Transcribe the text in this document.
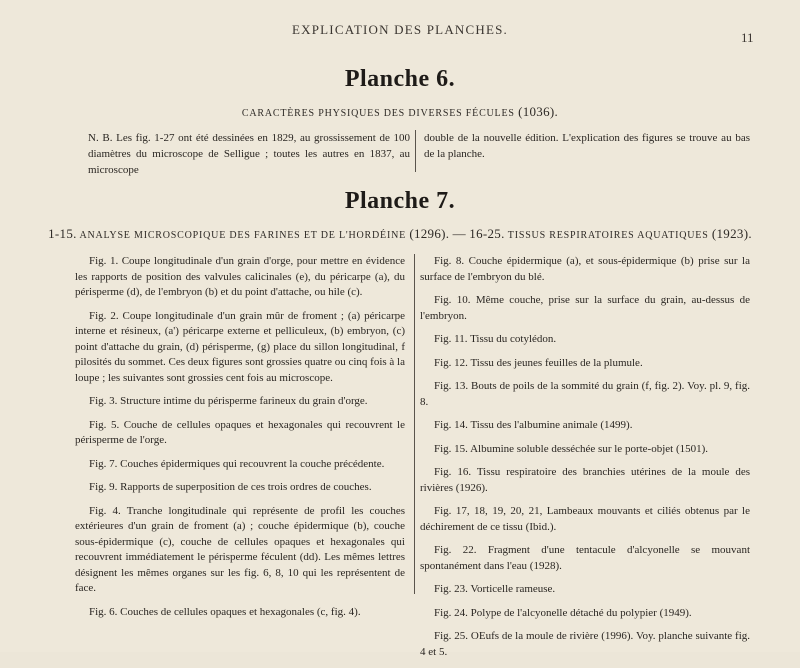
EXPLICATION DES PLANCHES.
11
Planche 6.
CARACTÈRES PHYSIQUES DES DIVERSES FÉCULES (1036).
N. B. Les fig. 1-27 ont été dessinées en 1829, au grossissement de 100 diamètres du microscope de Selligue ; toutes les autres en 1837, au microscope
double de la nouvelle édition. L'explication des figures se trouve au bas de la planche.
Planche 7.
1-15. ANALYSE MICROSCOPIQUE DES FARINES ET DE L'HORDÉINE (1296). — 16-25. TISSUS RESPIRATOIRES AQUATIQUES (1923).

Fig. 1. Coupe longitudinale d'un grain d'orge, pour mettre en évidence les rapports de position des valvules calicinales (e), du péricarpe (a), du périsperme (d), de l'embryon (b) et du point d'attache, ou hile (c).

Fig. 2. Coupe longitudinale d'un grain mûr de froment ; (a) péricarpe interne et résineux, (a') péricarpe externe et pelliculeux, (b) embryon, (c) point d'attache du grain, (d) périsperme, (g) place du sillon longitudinal, f pilosités du sommet. Ces deux figures sont grossies quatre ou cinq fois à la loupe ; les suivantes sont grossies cent fois au microscope.

Fig. 3. Structure intime du périsperme farineux du grain d'orge.

Fig. 5. Couche de cellules opaques et hexagonales qui recouvrent le périsperme de l'orge.

Fig. 7. Couches épidermiques qui recouvrent la couche précédente.

Fig. 9. Rapports de superposition de ces trois ordres de couches.

Fig. 4. Tranche longitudinale qui représente de profil les couches extérieures d'un grain de froment (a) ; couche épidermique (b), couche sous-épidermique (c), couche de cellules opaques et hexagonales qui recouvrent immédiatement le périsperme féculent (dd). Les mêmes lettres désignent les mêmes organes sur les fig. 6, 8, 10 qui les représentent de face.

Fig. 6. Couches de cellules opaques et hexagonales (c, fig. 4).

Fig. 8. Couche épidermique (a), et sous-épidermique (b) prise sur la surface de l'embryon du blé.

Fig. 10. Même couche, prise sur la surface du grain, au-dessus de l'embryon.

Fig. 11. Tissu du cotylédon.

Fig. 12. Tissu des jeunes feuilles de la plumule.

Fig. 13. Bouts de poils de la sommité du grain (f, fig. 2). Voy. pl. 9, fig. 8.

Fig. 14. Tissu des l'albumine animale (1499).

Fig. 15. Albumine soluble desséchée sur le porte-objet (1501).

Fig. 16. Tissu respiratoire des branchies utérines de la moule des rivières (1926).

Fig. 17, 18, 19, 20, 21, Lambeaux mouvants et ciliés obtenus par le déchirement de ce tissu (Ibid.).

Fig. 22. Fragment d'une tentacule d'alcyonelle se mouvant spontanément dans l'eau (1928).

Fig. 23. Vorticelle rameuse.

Fig. 24. Polype de l'alcyonelle détaché du polypier (1949).

Fig. 25. OEufs de la moule de rivière (1996). Voy. planche suivante fig. 4 et 5.
